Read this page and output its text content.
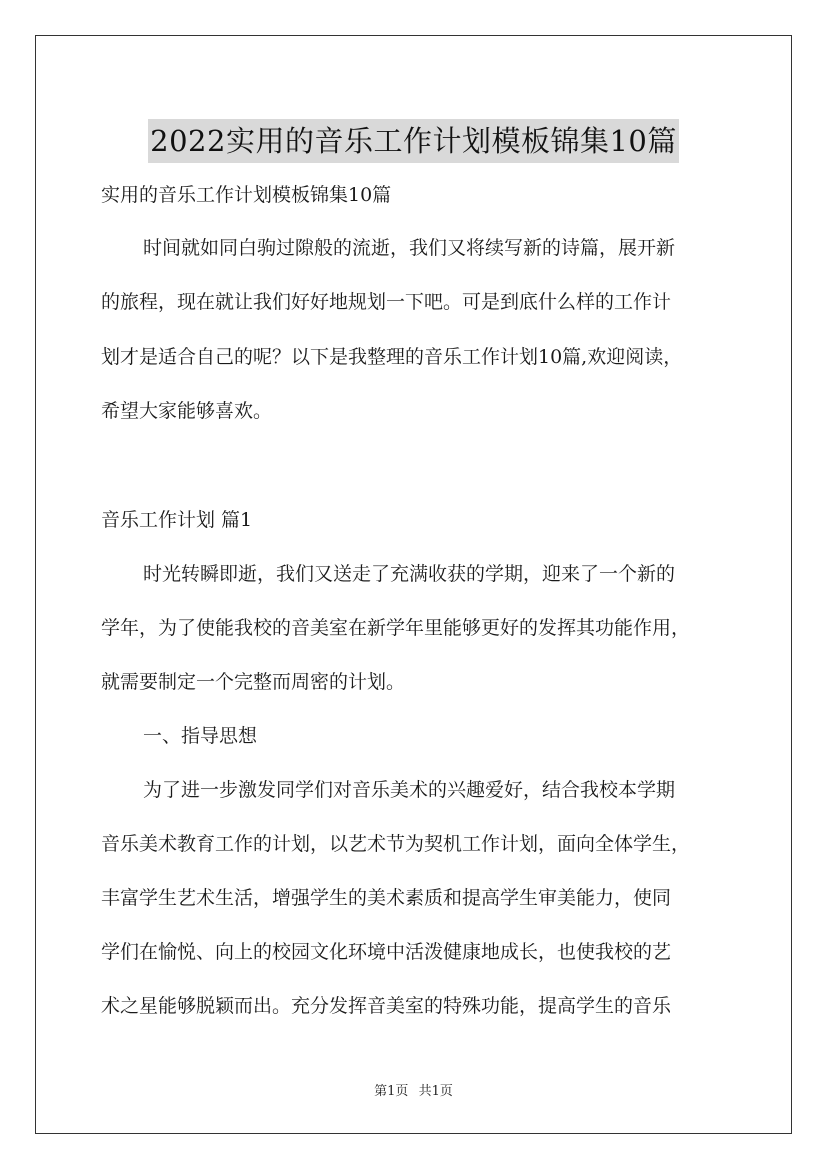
2022实用的音乐工作计划模板锦集10篇
实用的音乐工作计划模板锦集10篇
时间就如同白驹过隙般的流逝，我们又将续写新的诗篇，展开新
的旅程，现在就让我们好好地规划一下吧。可是到底什么样的工作计
划才是适合自己的呢？以下是我整理的音乐工作计划10篇,欢迎阅读，
希望大家能够喜欢。
音乐工作计划 篇1
时光转瞬即逝，我们又送走了充满收获的学期，迎来了一个新的
学年，为了使能我校的音美室在新学年里能够更好的发挥其功能作用，
就需要制定一个完整而周密的计划。
一、指导思想
为了进一步激发同学们对音乐美术的兴趣爱好，结合我校本学期
音乐美术教育工作的计划，以艺术节为契机工作计划，面向全体学生，
丰富学生艺术生活，增强学生的美术素质和提高学生审美能力，使同
学们在愉悦、向上的校园文化环境中活泼健康地成长，也使我校的艺
术之星能够脱颖而出。充分发挥音美室的特殊功能，提高学生的音乐
第1页 共1页
